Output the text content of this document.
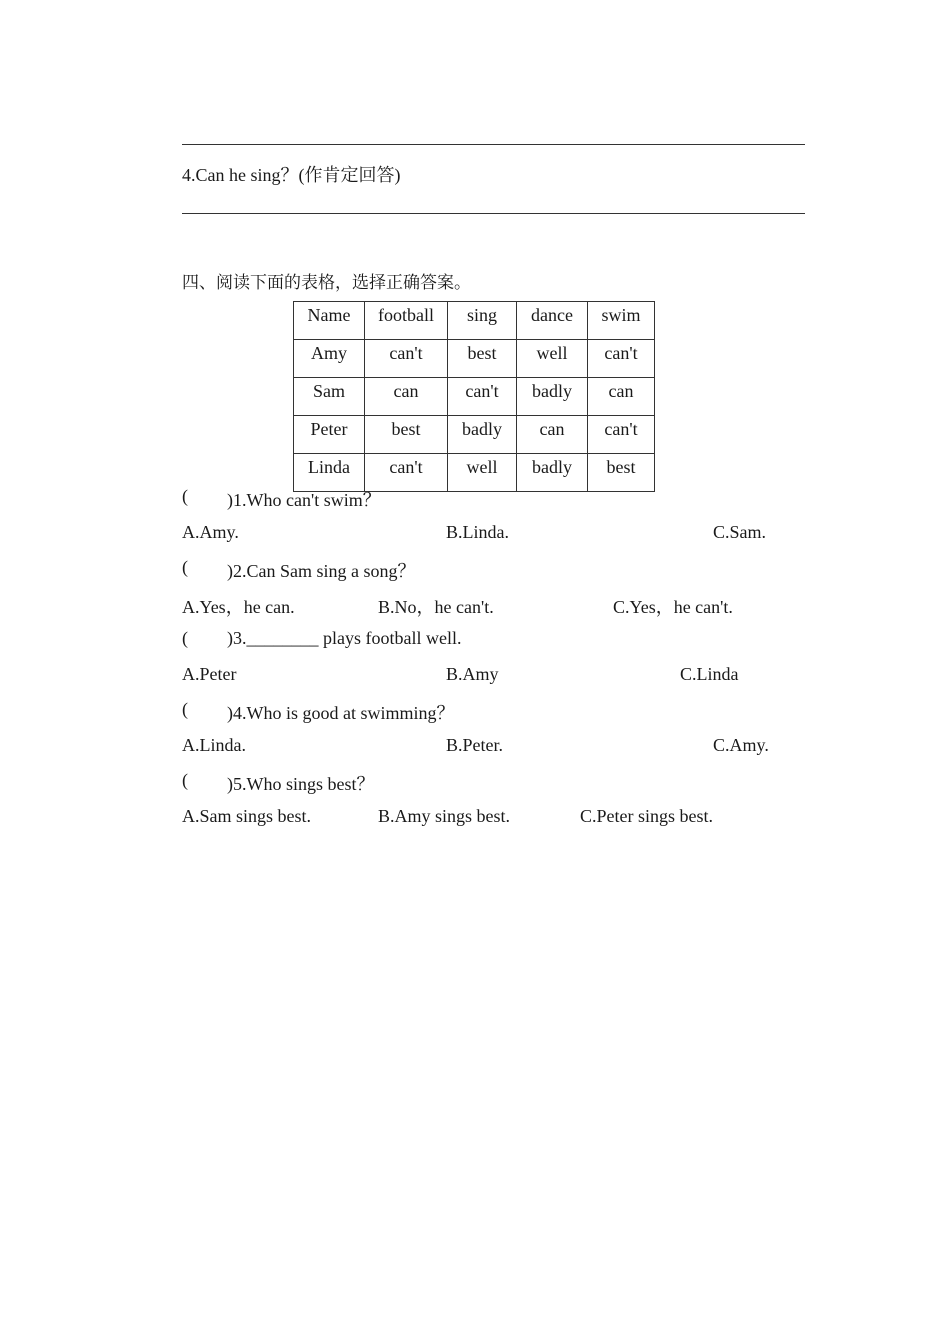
4.Can he sing？(作肯定回答)
四、阅读下面的表格，选择正确答案。
Name	football	sing	dance	swim
Amy	can't	best	well	can't
Sam	can	can't	badly	can
Peter	best	badly	can	can't
Linda	can't	well	badly	best
( )1.Who can't swim？
A.Amy.	B.Linda.	C.Sam.
( )2.Can Sam sing a song？
A.Yes，he can.	B.No，he can't.	C.Yes，he can't.
( )3.________ plays football well.
A.Peter	B.Amy	C.Linda
( )4.Who is good at swimming？
A.Linda.	B.Peter.	C.Amy.
( )5.Who sings best？
A.Sam sings best.	B.Amy sings best.	C.Peter sings best.
